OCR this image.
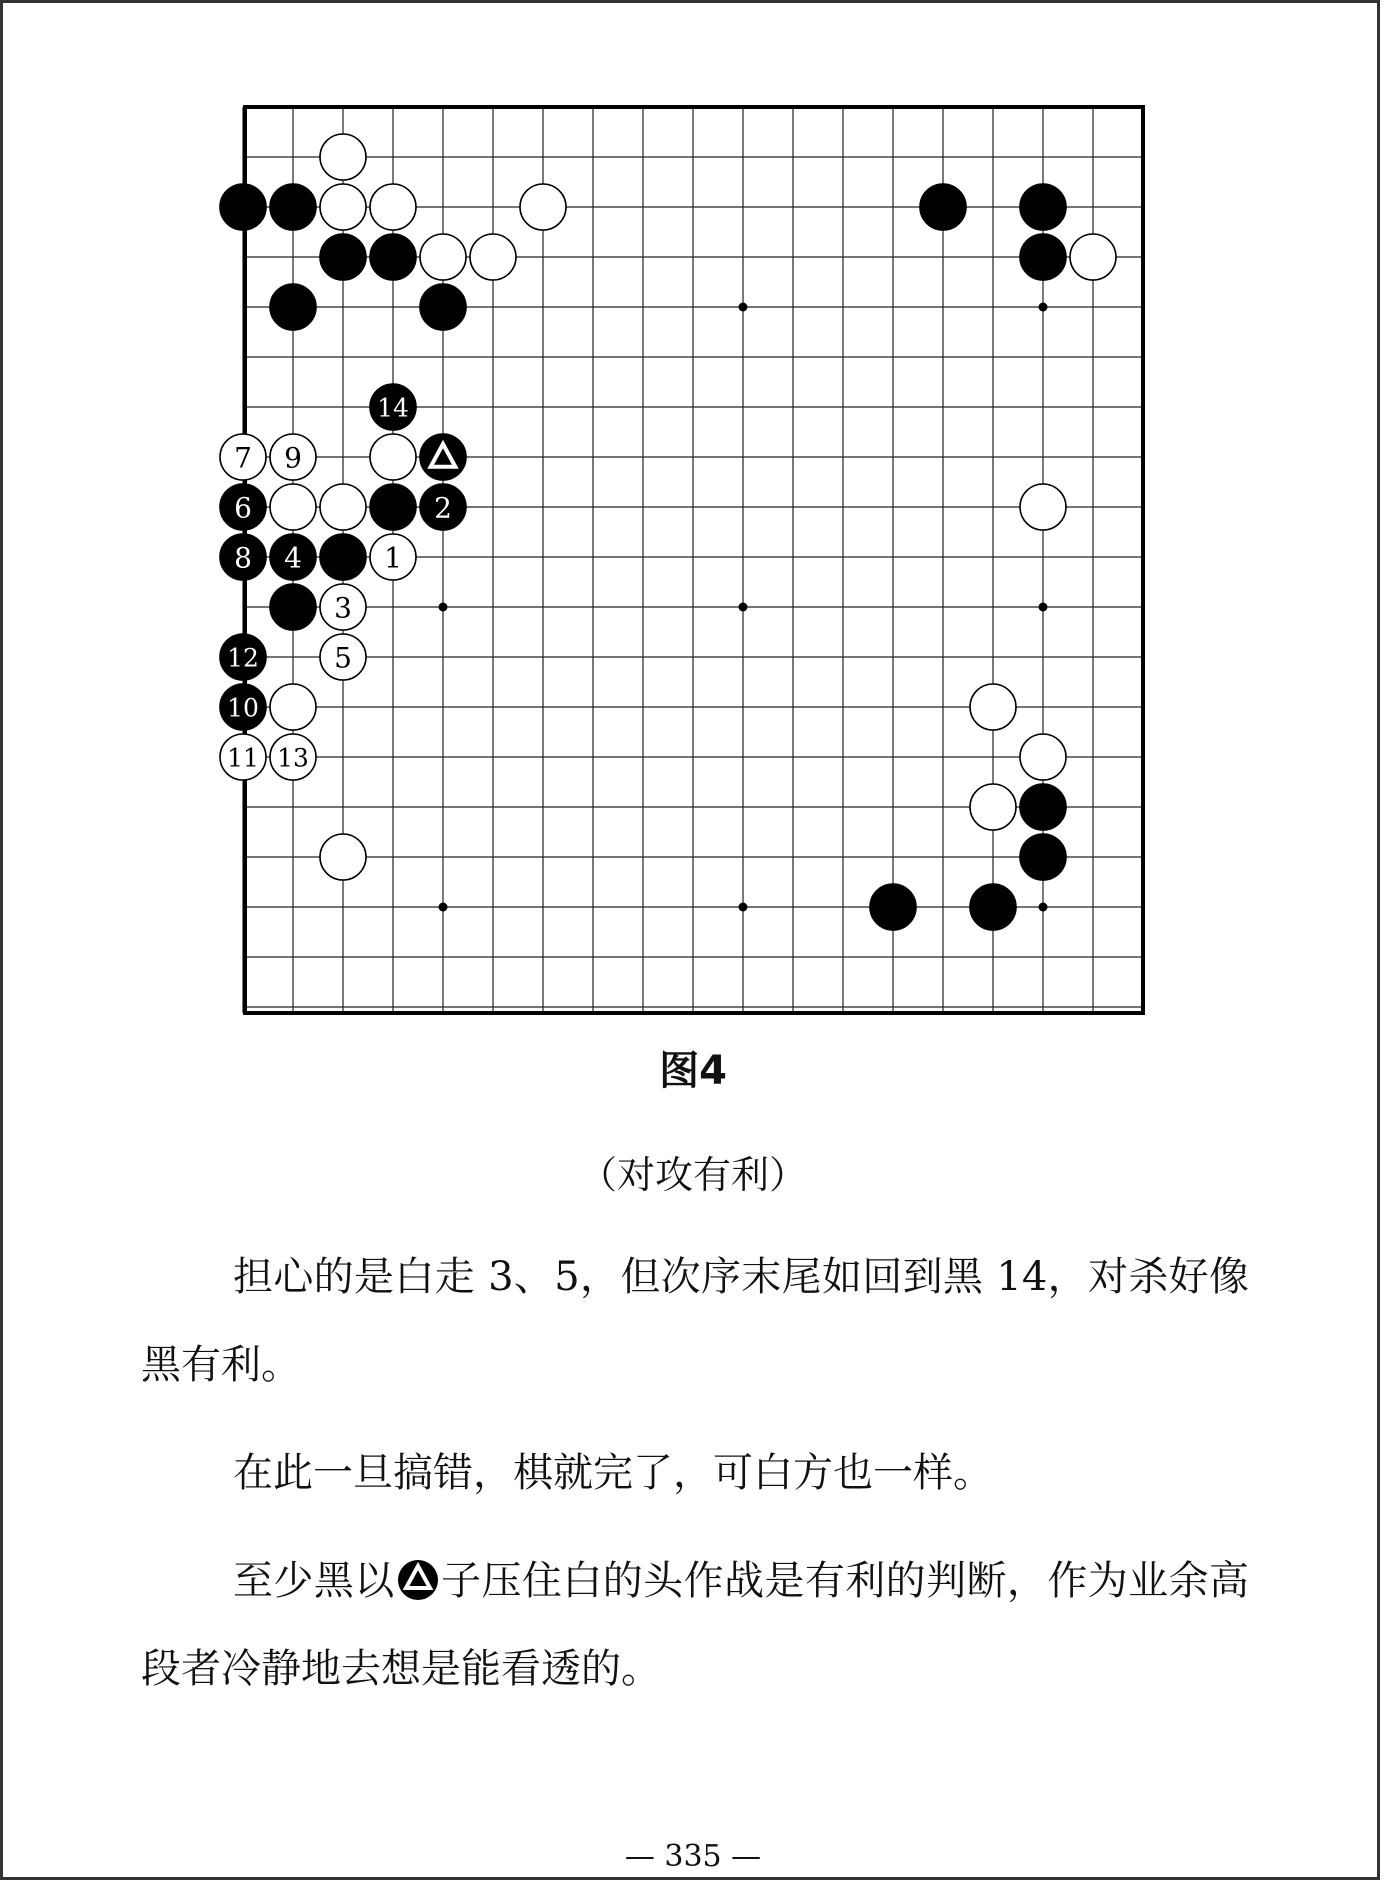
14
7 9
6	2
8 4	1
3
12	5
10
11 13
图4
（对攻有利）

担心的是白走 3、5，但次序末尾如回到黑 14，对杀好像黑有利。

在此一旦搞错，棋就完了，可白方也一样。

至少黑以 子压住白的头作战是有利的判断，作为业余高段者冷静地去想是能看透的。

— 335 —
